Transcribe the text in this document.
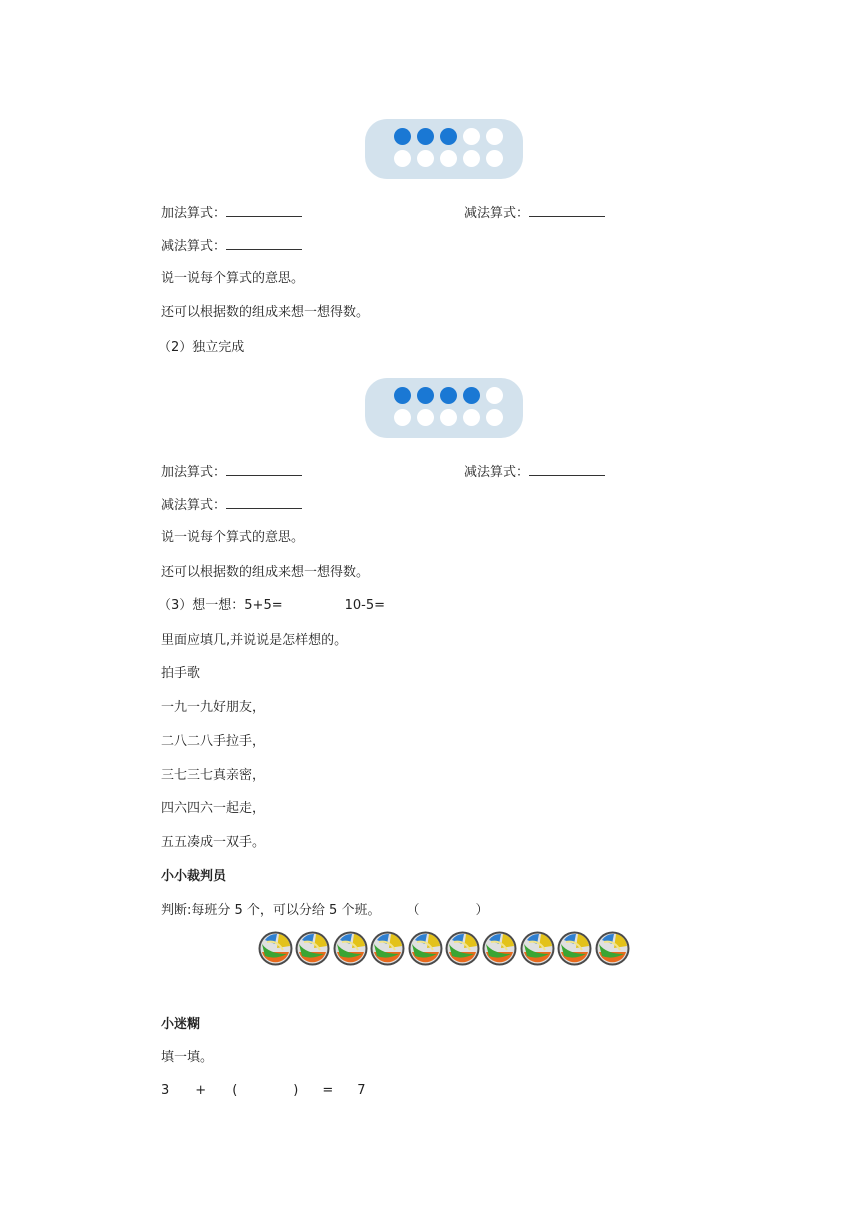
加法算式：	减法算式：
减法算式：
说一说每个算式的意思。
还可以根据数的组成来想一想得数。
（2）独立完成
加法算式：	减法算式：
减法算式：
说一说每个算式的意思。
还可以根据数的组成来想一想得数。
（3）想一想：5+5=	10-5=
里面应填几,并说说是怎样想的。
拍手歌
一九一九好朋友，
二八二八手拉手，
三七三七真亲密，
四六四六一起走，
五五凑成一双手。
小小裁判员
判断:每班分 5 个，可以分给 5 个班。 （	）
小迷糊
填一填。
3 + (	) = 7
